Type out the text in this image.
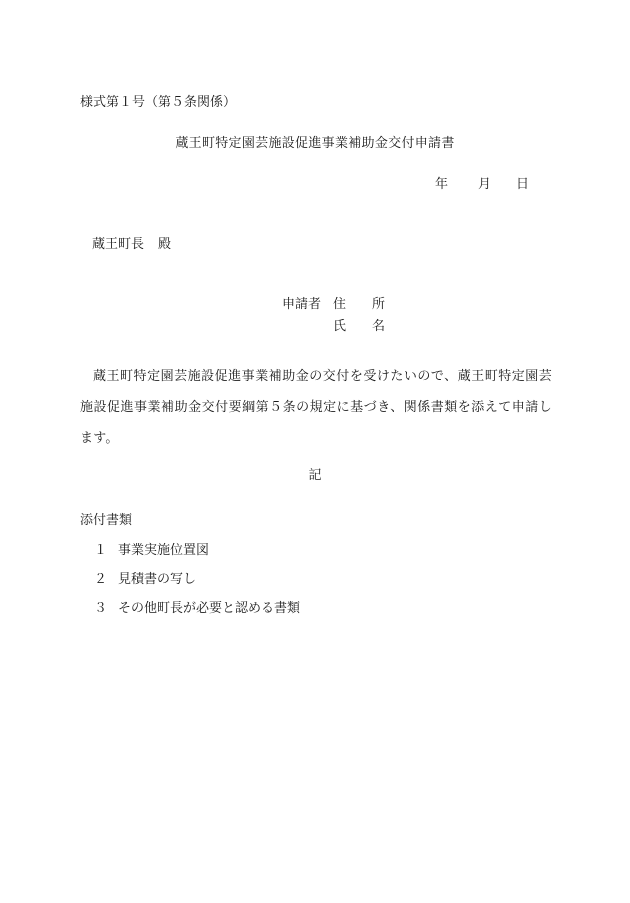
様式第１号（第５条関係）
蔵王町特定園芸施設促進事業補助金交付申請書
年 月 日
蔵王町長 殿
申請者 住 所
氏 名
蔵王町特定園芸施設促進事業補助金の交付を受けたいので、蔵王町特定園芸施設促進事業補助金交付要綱第５条の規定に基づき、関係書類を添えて申請します。
記
添付書類
１ 事業実施位置図
２ 見積書の写し
３ その他町長が必要と認める書類
